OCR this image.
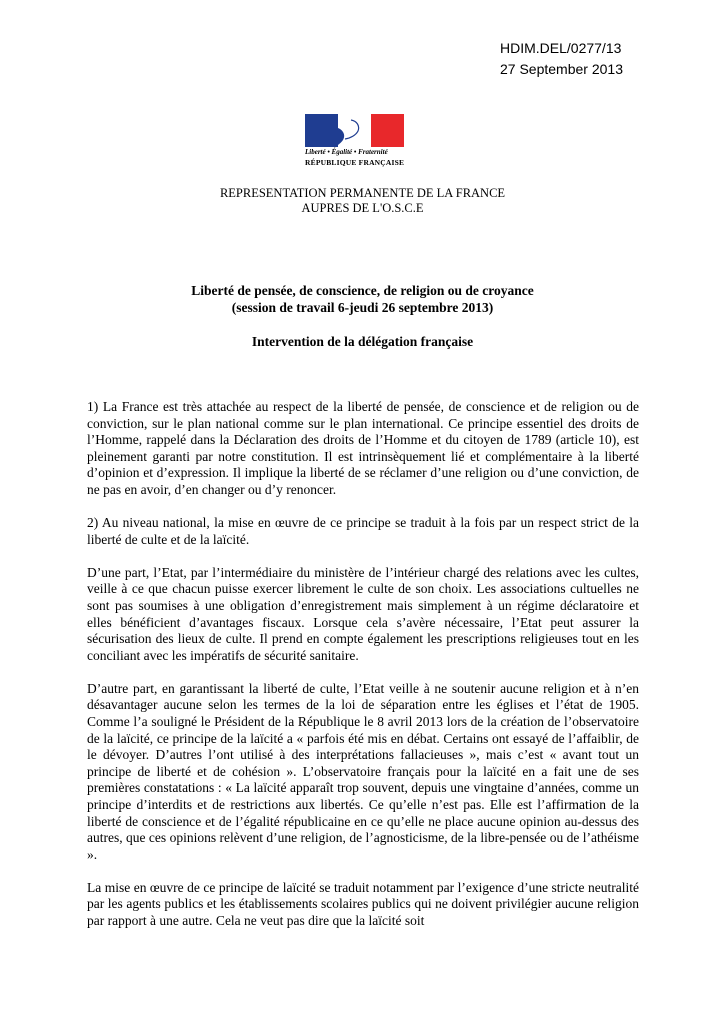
HDIM.DEL/0277/13
27 September 2013
Liberté • Égalité • Fraternité
RÉPUBLIQUE FRANÇAISE
REPRESENTATION PERMANENTE DE LA FRANCE
AUPRES DE L'O.S.C.E
Liberté de pensée, de conscience, de religion ou de croyance
(session de travail 6-jeudi 26 septembre 2013)
Intervention de la délégation française

1) La France est très attachée au respect de la liberté de pensée, de conscience et de religion ou de conviction, sur le plan national comme sur le plan international. Ce principe essentiel des droits de l’Homme, rappelé dans la Déclaration des droits de l’Homme et du citoyen de 1789 (article 10), est pleinement garanti par notre constitution. Il est intrinsèquement lié et complémentaire à la liberté d’opinion et d’expression. Il implique la liberté de se réclamer d’une religion ou d’une conviction, de ne pas en avoir, d’en changer ou d’y renoncer.

2) Au niveau national, la mise en œuvre de ce principe se traduit à la fois par un respect strict de la liberté de culte et de la laïcité.

D’une part, l’Etat, par l’intermédiaire du ministère de l’intérieur chargé des relations avec les cultes, veille à ce que chacun puisse exercer librement le culte de son choix. Les associations cultuelles ne sont pas soumises à une obligation d’enregistrement mais simplement à un régime déclaratoire et elles bénéficient d’avantages fiscaux. Lorsque cela s’avère nécessaire, l’Etat peut assurer la sécurisation des lieux de culte. Il prend en compte également les prescriptions religieuses tout en les conciliant avec les impératifs de sécurité sanitaire.

D’autre part, en garantissant la liberté de culte, l’Etat veille à ne soutenir aucune religion et à n’en désavantager aucune selon les termes de la loi de séparation entre les églises et l’état de 1905. Comme l’a souligné le Président de la République le 8 avril 2013 lors de la création de l’observatoire de la laïcité, ce principe de la laïcité a « parfois été mis en débat. Certains ont essayé de l’affaiblir, de le dévoyer. D’autres l’ont utilisé à des interprétations fallacieuses », mais c’est « avant tout un principe de liberté et de cohésion ». L’observatoire français pour la laïcité en a fait une de ses premières constatations : « La laïcité apparaît trop souvent, depuis une vingtaine d’années, comme un principe d’interdits et de restrictions aux libertés. Ce qu’elle n’est pas. Elle est l’affirmation de la liberté de conscience et de l’égalité républicaine en ce qu’elle ne place aucune opinion au-dessus des autres, que ces opinions relèvent d’une religion, de l’agnosticisme, de la libre-pensée ou de l’athéisme ».

La mise en œuvre de ce principe de laïcité se traduit notamment par l’exigence d’une stricte neutralité par les agents publics et les établissements scolaires publics qui ne doivent privilégier aucune religion par rapport à une autre. Cela ne veut pas dire que la laïcité soit
